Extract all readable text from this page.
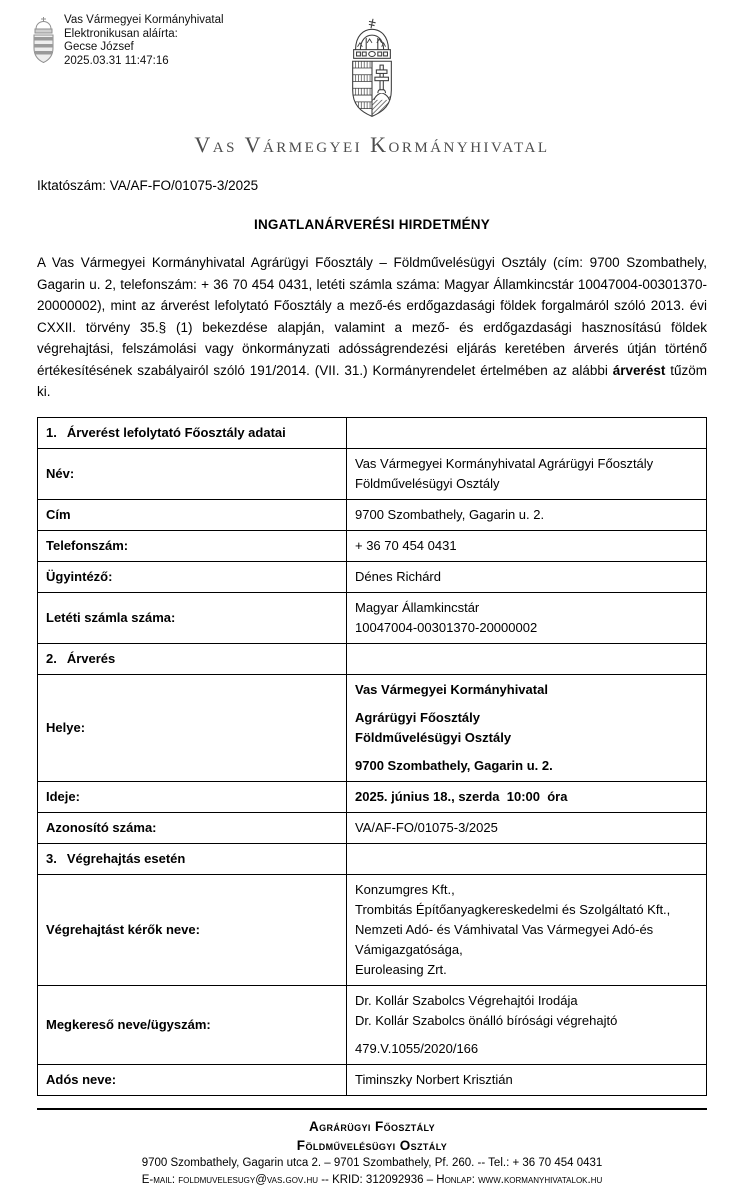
Vas Vármegyei Kormányhivatal
Elektronikusan aláírta:
Gecse József
2025.03.31 11:47:16
Vas Vármegyei Kormányhivatal
Iktatószám: VA/AF-FO/01075-3/2025
INGATLANÁRVERÉSI HIRDETMÉNY

A Vas Vármegyei Kormányhivatal Agrárügyi Főosztály – Földművelésügyi Osztály (cím: 9700 Szombathely, Gagarin u. 2, telefonszám: + 36 70 454 0431, letéti számla száma: Magyar Államkincstár 10047004-00301370-20000002), mint az árverést lefolytató Főosztály a mező-és erdőgazdasági földek forgalmáról szóló 2013. évi CXXII. törvény 35.§ (1) bekezdése alapján, valamint a mező- és erdőgazdasági hasznosítású földek végrehajtási, felszámolási vagy önkormányzati adósságrendezési eljárás keretében árverés útján történő értékesítésének szabályairól szóló 191/2014. (VII. 31.) Kormányrendelet értelmében az alábbi árverést tűzöm ki.

1. Árverést lefolytató Főosztály adatai	

Név:	Vas Vármegyei Kormányhivatal Agrárügyi Főosztály
Földművelésügyi Osztály

Cím	9700 Szombathely, Gagarin u. 2.

Telefonszám:	+ 36 70 454 0431

Ügyintéző:	Dénes Richárd

Letéti számla száma:	Magyar Államkincstár
10047004-00301370-20000002

2. Árverés	

Helye:	Vas Vármegyei Kormányhivatal
Agrárügyi Főosztály
Földművelésügyi Osztály
9700 Szombathely, Gagarin u. 2.

Ideje:	2025. június 18., szerda  10:00  óra

Azonosító száma:	VA/AF-FO/01075-3/2025

3. Végrehajtás esetén	

Végrehajtást kérők neve:	Konzumgres Kft.,
Trombitás Építőanyagkereskedelmi és Szolgáltató Kft.,
Nemzeti Adó- és Vámhivatal Vas Vármegyei Adó-és
Vámigazgatósága,
Euroleasing Zrt.

Megkereső neve/ügyszám:	Dr. Kollár Szabolcs Végrehajtói Irodája
Dr. Kollár Szabolcs önálló bírósági végrehajtó
479.V.1055/2020/166

Adós neve:	Timinszky Norbert Krisztián
Agrárügyi Főosztály
Földművelésügyi Osztály
9700 Szombathely, Gagarin utca 2. – 9701 Szombathely, Pf. 260. -- Tel.: + 36 70 454 0431
E-mail: foldmuvelesugy@vas.gov.hu -- KRID: 312092936 – Honlap: www.kormanyhivatalok.hu
